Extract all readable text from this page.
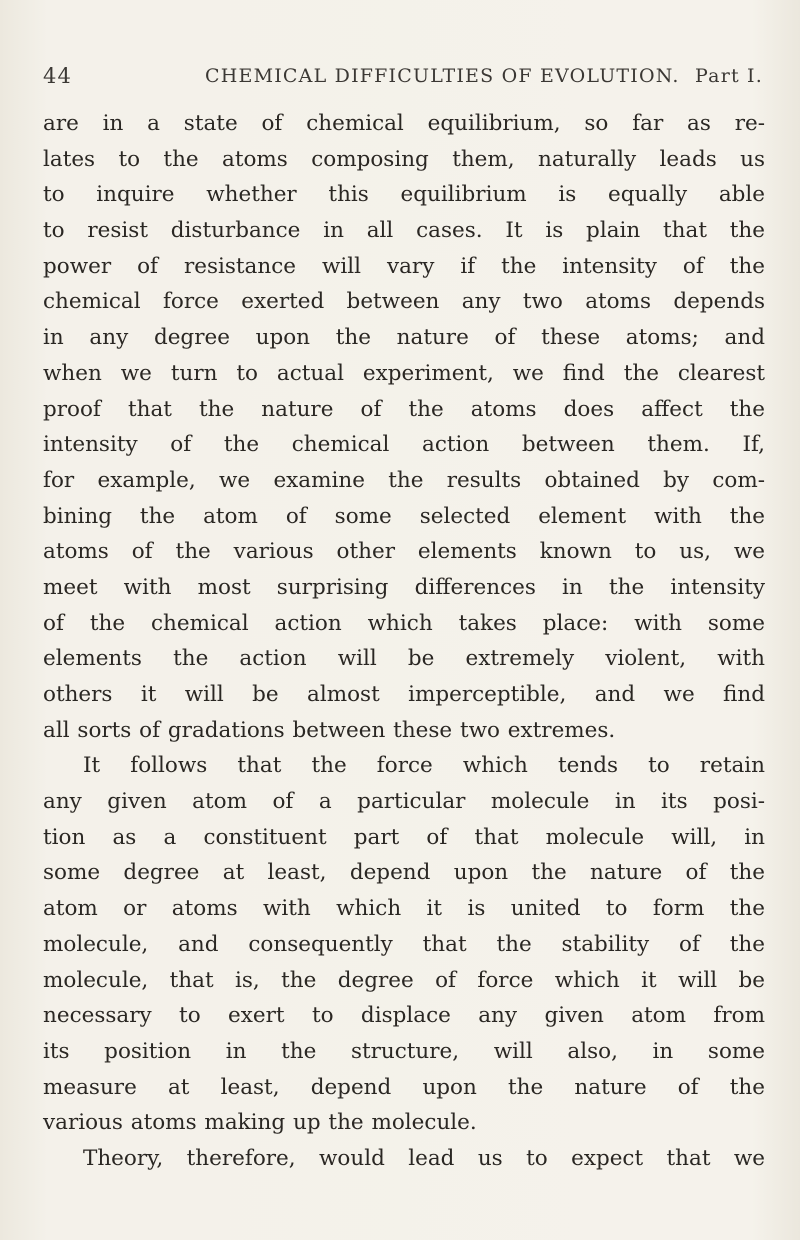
44	CHEMICAL DIFFICULTIES OF EVOLUTION. Part I.
are in a state of chemical equilibrium, so far as re-
lates to the atoms composing them, naturally leads us
to inquire whether this equilibrium is equally able
to resist disturbance in all cases. It is plain that the
power of resistance will vary if the intensity of the
chemical force exerted between any two atoms depends
in any degree upon the nature of these atoms; and
when we turn to actual experiment, we find the clearest
proof that the nature of the atoms does affect the
intensity of the chemical action between them. If,
for example, we examine the results obtained by com-
bining the atom of some selected element with the
atoms of the various other elements known to us, we
meet with most surprising differences in the intensity
of the chemical action which takes place: with some
elements the action will be extremely violent, with
others it will be almost imperceptible, and we find
all sorts of gradations between these two extremes.
It follows that the force which tends to retain
any given atom of a particular molecule in its posi-
tion as a constituent part of that molecule will, in
some degree at least, depend upon the nature of the
atom or atoms with which it is united to form the
molecule, and consequently that the stability of the
molecule, that is, the degree of force which it will be
necessary to exert to displace any given atom from
its position in the structure, will also, in some
measure at least, depend upon the nature of the
various atoms making up the molecule.
Theory, therefore, would lead us to expect that we
